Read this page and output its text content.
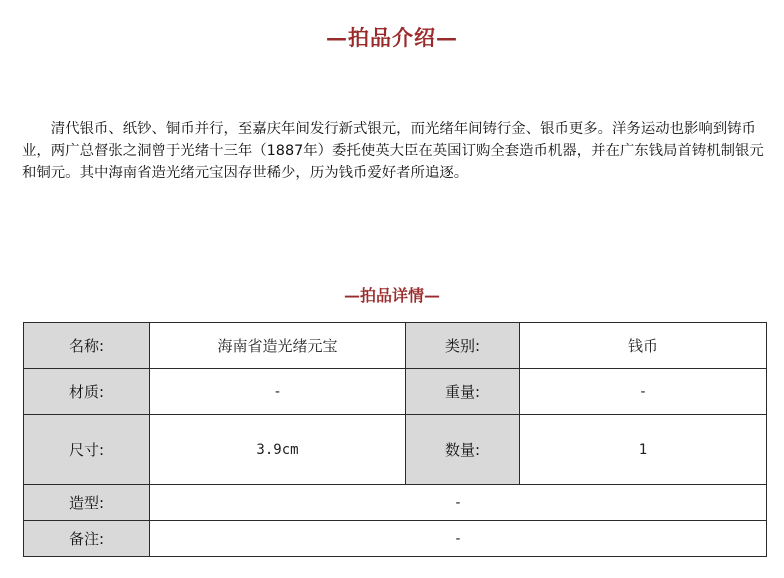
—拍品介绍—

清代银币、纸钞、铜币并行，至嘉庆年间发行新式银元，而光绪年间铸行金、银币更多。洋务运动也影响到铸币业，两广总督张之洞曾于光绪十三年（1887年）委托使英大臣在英国订购全套造币机器，并在广东钱局首铸机制银元和铜元。其中海南省造光绪元宝因存世稀少，历为钱币爱好者所追逐。

—拍品详情—
名称:	海南省造光绪元宝	类别:	钱币
材质:	-	重量:	-
尺寸:	3.9cm	数量:	1
造型:	-		
备注:	-		
